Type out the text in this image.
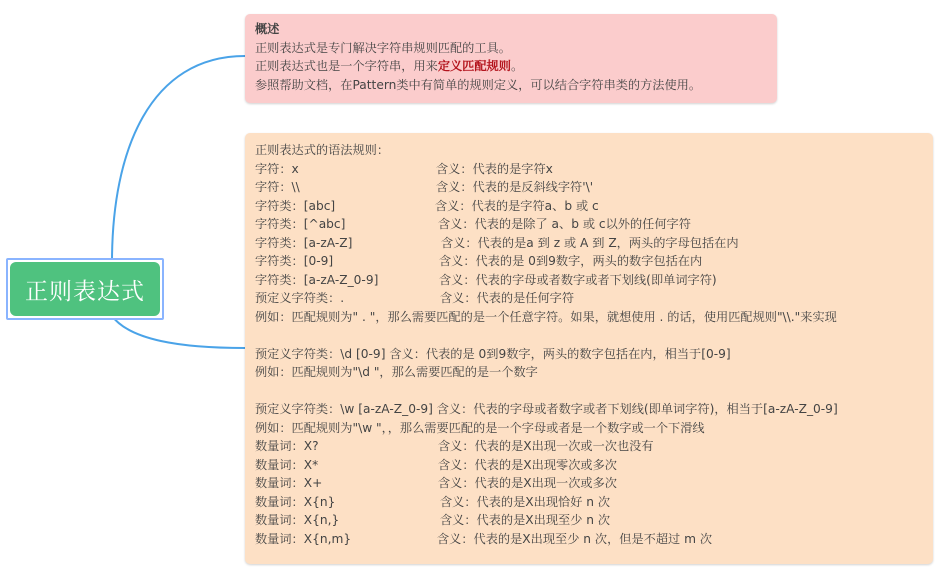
正则表达式
概述
正则表达式是专门解决字符串规则匹配的工具。
正则表达式也是一个字符串，用来定义匹配规则。
参照帮助文档，在Pattern类中有简单的规则定义，可以结合字符串类的方法使用。
正则表达式的语法规则：
字符：x	含义：代表的是字符x
字符：\\	含义：代表的是反斜线字符'\'
字符类：[abc]	含义：代表的是字符a、b 或 c
字符类：[^abc]	含义：代表的是除了 a、b 或 c以外的任何字符
字符类：[a-zA-Z]	含义：代表的是a 到 z 或 A 到 Z，两头的字母包括在内
字符类：[0-9]	含义：代表的是 0到9数字，两头的数字包括在内
字符类：[a-zA-Z_0-9]	含义：代表的字母或者数字或者下划线(即单词字符)
预定义字符类：.	含义：代表的是任何字符
例如：匹配规则为" . "，那么需要匹配的是一个任意字符。如果，就想使用 . 的话，使用匹配规则"\\."来实现
预定义字符类：\d [0-9] 含义：代表的是 0到9数字，两头的数字包括在内，相当于[0-9]
例如：匹配规则为"\d "，那么需要匹配的是一个数字
预定义字符类：\w [a-zA-Z_0-9] 含义：代表的字母或者数字或者下划线(即单词字符)，相当于[a-zA-Z_0-9]
例如：匹配规则为"\w "，，那么需要匹配的是一个字母或者是一个数字或一个下滑线
数量词：X?	含义：代表的是X出现一次或一次也没有
数量词：X*	含义：代表的是X出现零次或多次
数量词：X+	含义：代表的是X出现一次或多次
数量词：X{n}	含义：代表的是X出现恰好 n 次
数量词：X{n,}	含义：代表的是X出现至少 n 次
数量词：X{n,m}	含义：代表的是X出现至少 n 次，但是不超过 m 次
